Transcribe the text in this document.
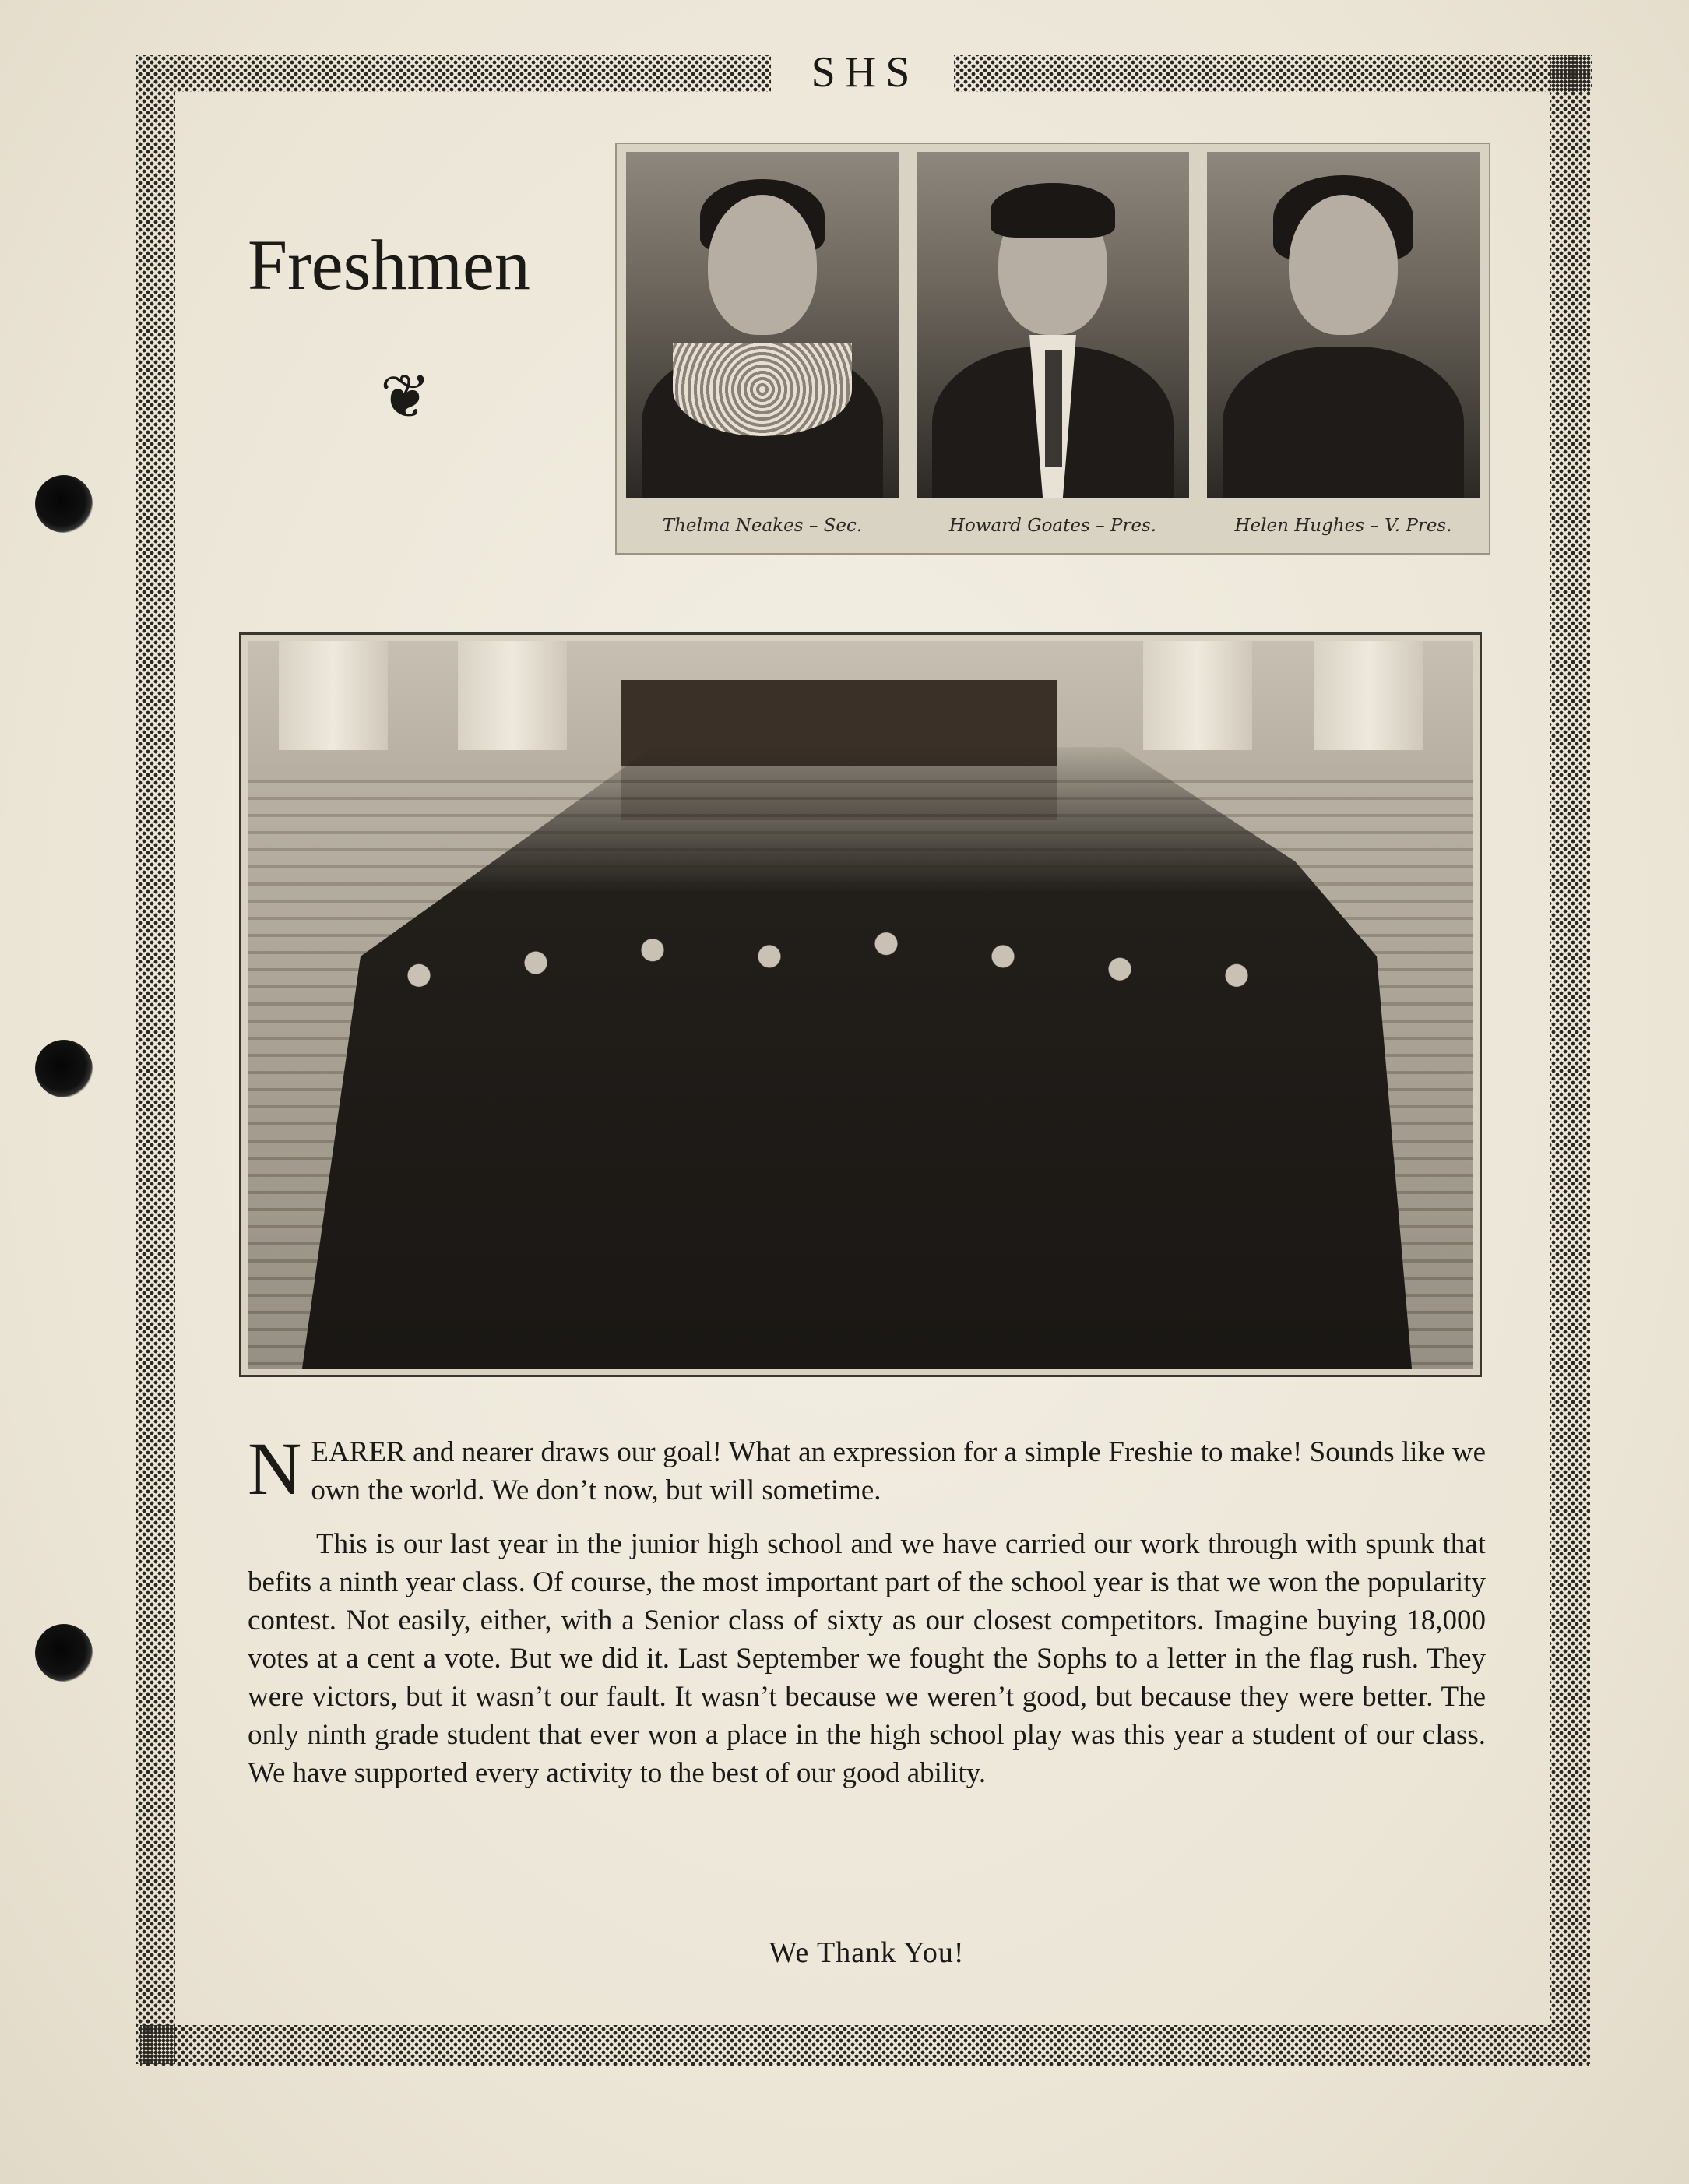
SHS
Freshmen
❦
Thelma Neakes – Sec.	Howard Goates – Pres.	Helen Hughes – V. Pres.

NEARER and nearer draws our goal! What an expression for a simple Freshie to make! Sounds like we own the world. We don’t now, but will sometime.

This is our last year in the junior high school and we have carried our work through with spunk that befits a ninth year class. Of course, the most important part of the school year is that we won the popularity contest. Not easily, either, with a Senior class of sixty as our closest competitors. Imagine buying 18,000 votes at a cent a vote. But we did it. Last September we fought the Sophs to a letter in the flag rush. They were victors, but it wasn’t our fault. It wasn’t because we weren’t good, but because they were better. The only ninth grade student that ever won a place in the high school play was this year a student of our class. We have supported every activity to the best of our good ability.

We Thank You!
